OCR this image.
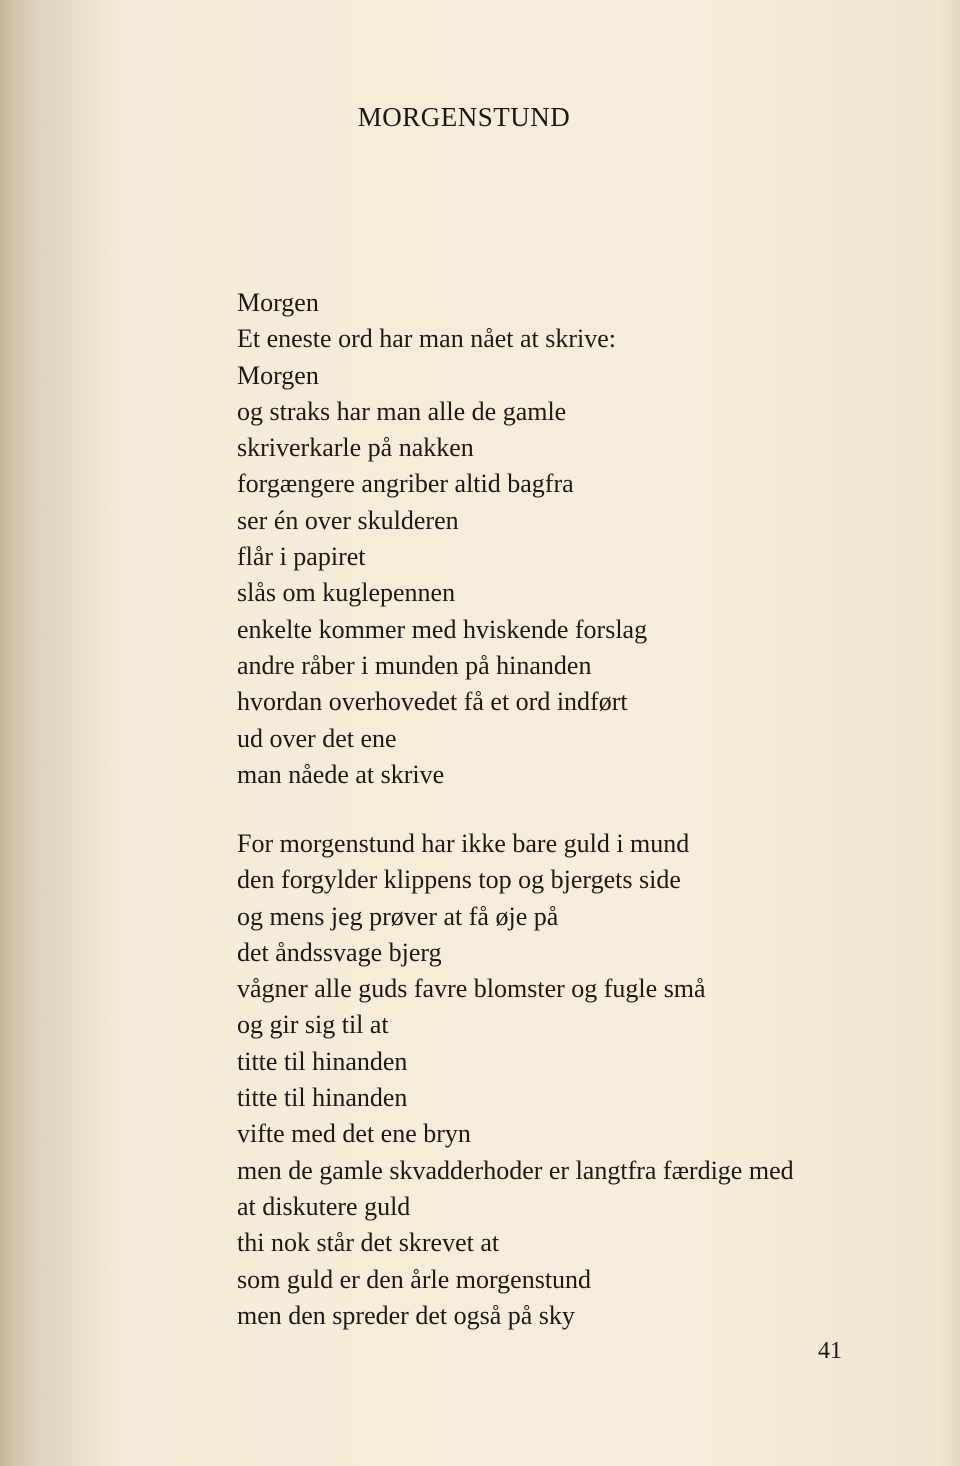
MORGENSTUND
Morgen
Et eneste ord har man nået at skrive:
Morgen
og straks har man alle de gamle
skriverkarle på nakken
forgængere angriber altid bagfra
ser én over skulderen
flår i papiret
slås om kuglepennen
enkelte kommer med hviskende forslag
andre råber i munden på hinanden
hvordan overhovedet få et ord indført
ud over det ene
man nåede at skrive
For morgenstund har ikke bare guld i mund
den forgylder klippens top og bjergets side
og mens jeg prøver at få øje på
det åndssvage bjerg
vågner alle guds favre blomster og fugle små
og gir sig til at
titte til hinanden
titte til hinanden
vifte med det ene bryn
men de gamle skvadderhoder er langtfra færdige med
at diskutere guld
thi nok står det skrevet at
som guld er den årle morgenstund
men den spreder det også på sky
41
